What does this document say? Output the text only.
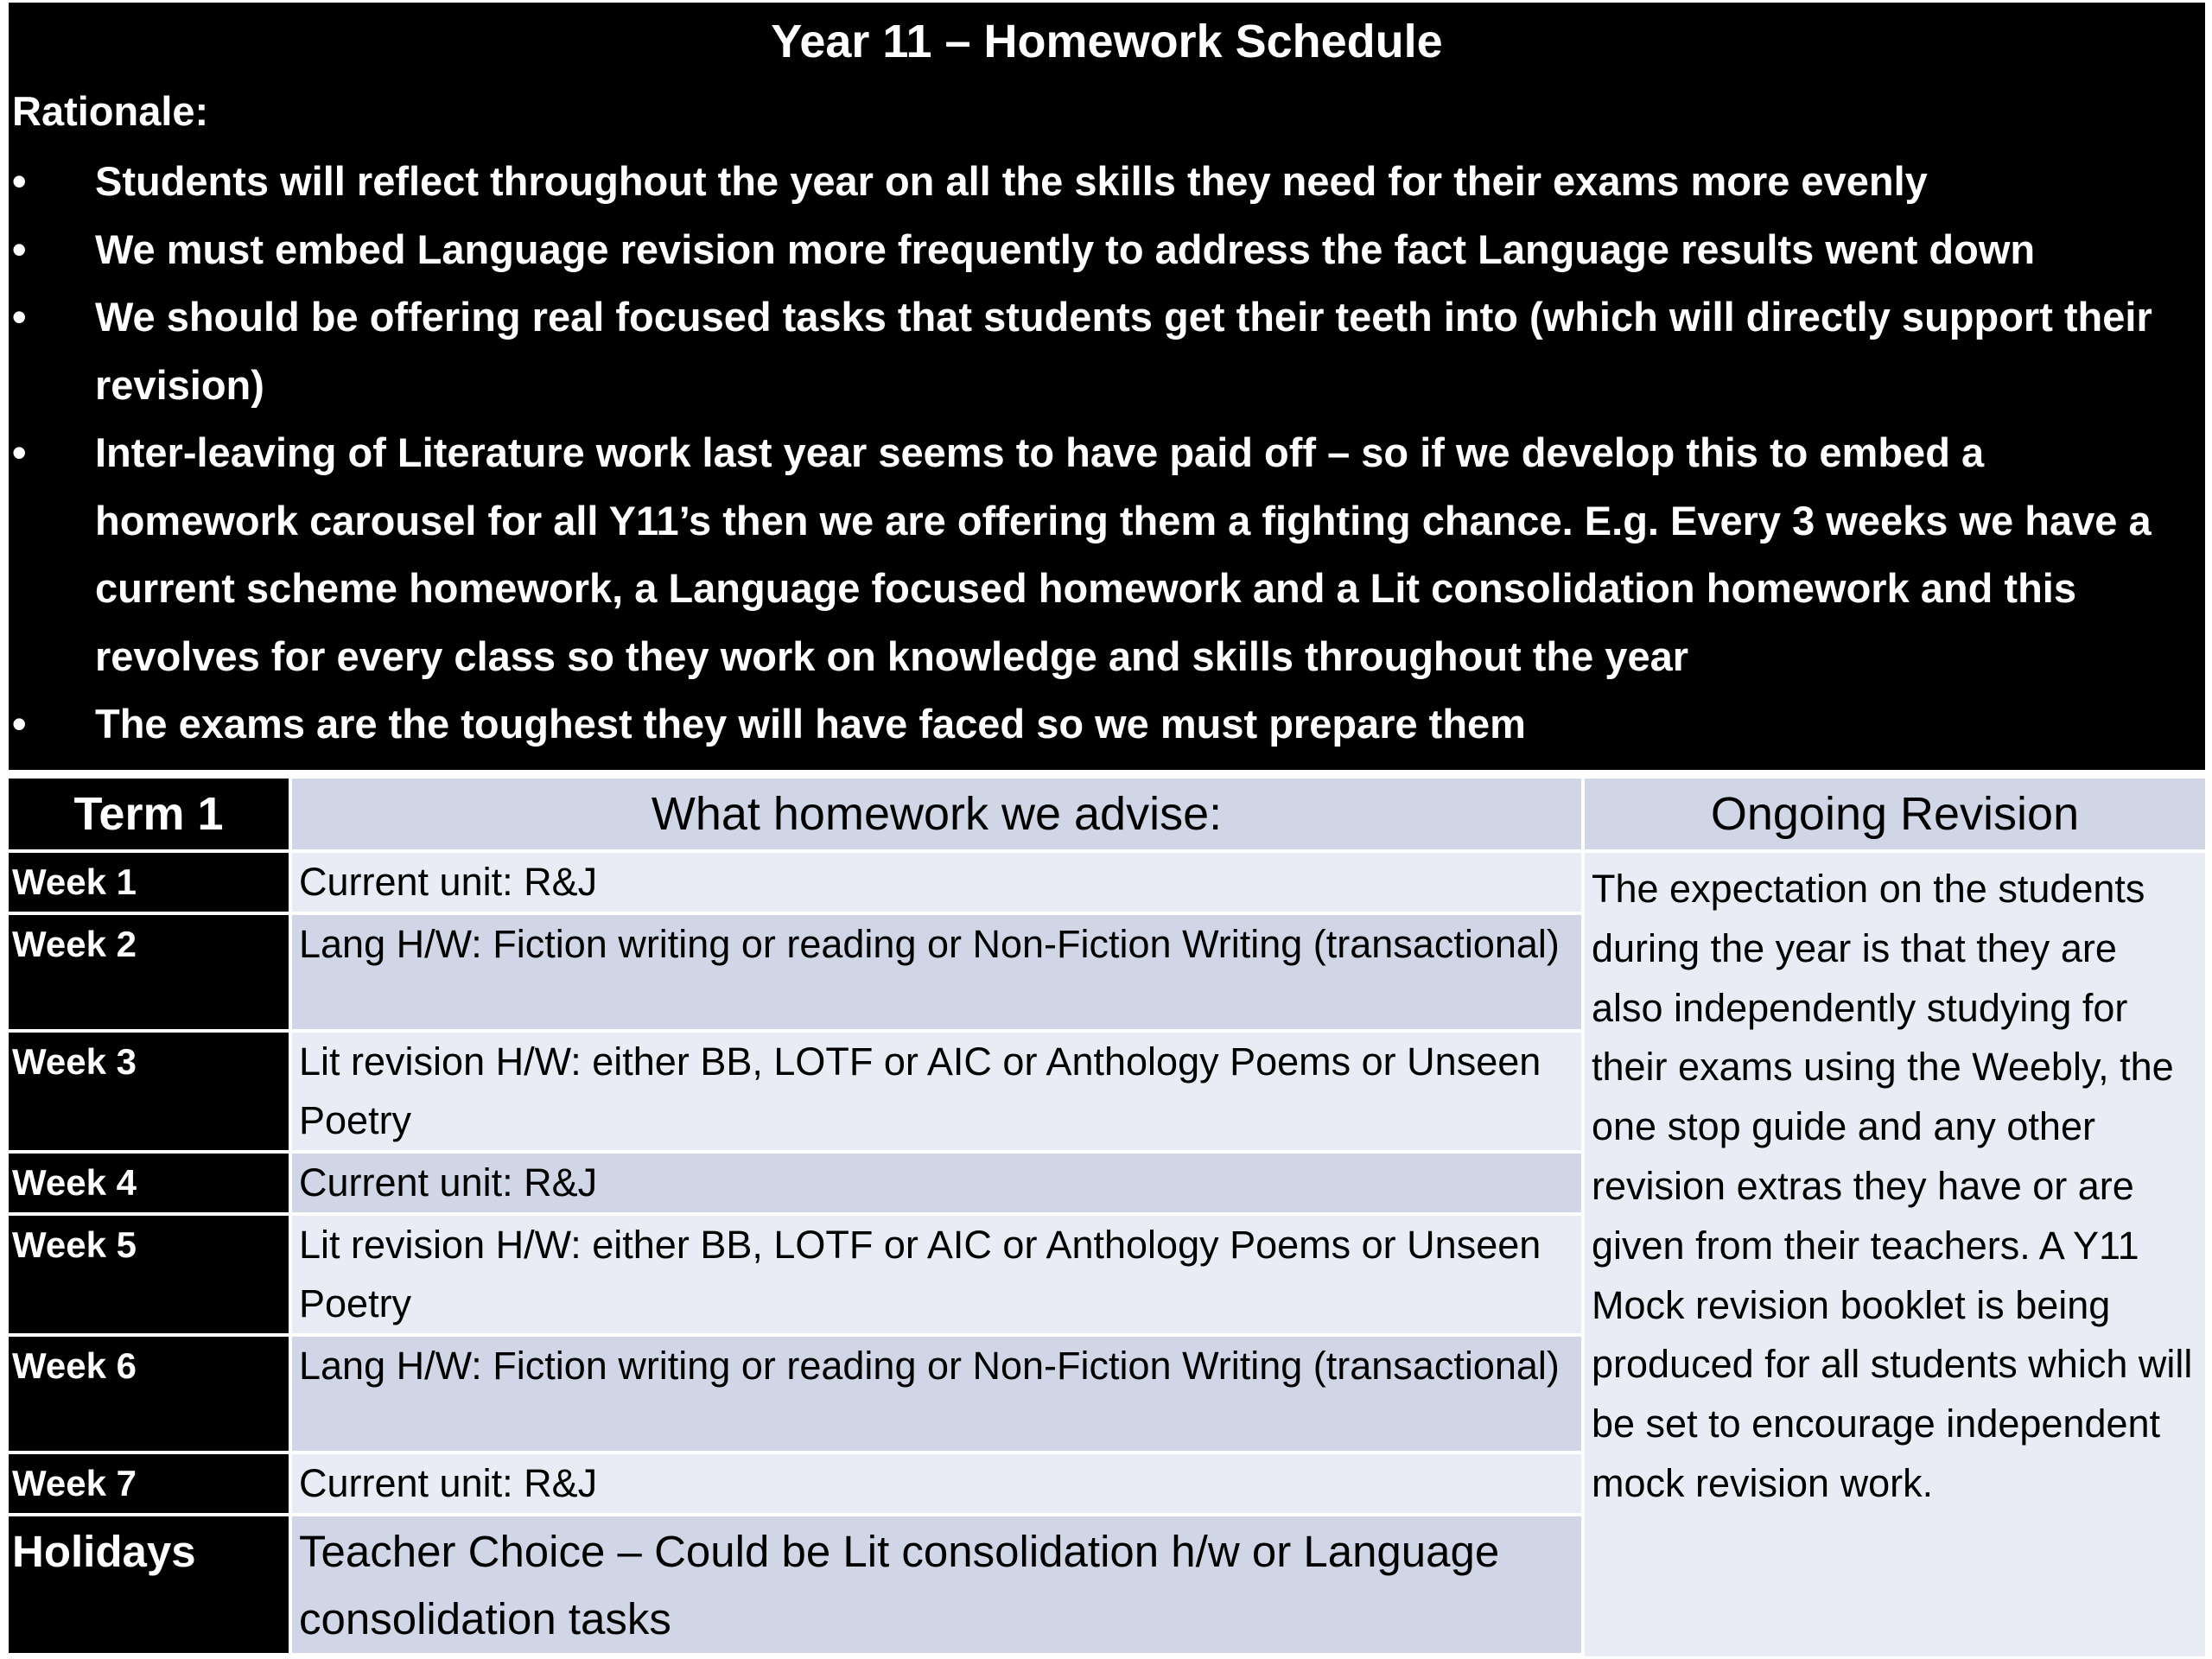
Year 11 – Homework Schedule
Rationale:
• Students will reflect throughout the year on all the skills they need for their exams more evenly
• We must embed Language revision more frequently to address the fact Language results went down
• We should be offering real focused tasks that students get their teeth into (which will directly support their revision)
• Inter-leaving of Literature work last year seems to have paid off – so if we develop this to embed a homework carousel for all Y11’s then we are offering them a fighting chance. E.g. Every 3 weeks we have a current scheme homework, a Language focused homework and a Lit consolidation homework and this revolves for every class so they work on knowledge and skills throughout the year
• The exams are the toughest they will have faced so we must prepare them
Term 1	What homework we advise:	Ongoing Revision
Week 1	Current unit: R&J	The expectation on the students during the year is that they are also independently studying for their exams using the Weebly, the one stop guide and any other revision extras they have or are given from their teachers. A Y11 Mock revision booklet is being produced for all students which will be set to encourage independent mock revision work.
Week 2	Lang H/W: Fiction writing or reading or Non-Fiction Writing (transactional)	
Week 3	Lit revision H/W: either BB, LOTF or AIC or Anthology Poems or Unseen Poetry	
Week 4	Current unit: R&J	
Week 5	Lit revision H/W: either BB, LOTF or AIC or Anthology Poems or Unseen Poetry	
Week 6	Lang H/W: Fiction writing or reading or Non-Fiction Writing (transactional)	
Week 7	Current unit: R&J	
Holidays	Teacher Choice – Could be Lit consolidation h/w or Language consolidation tasks	
